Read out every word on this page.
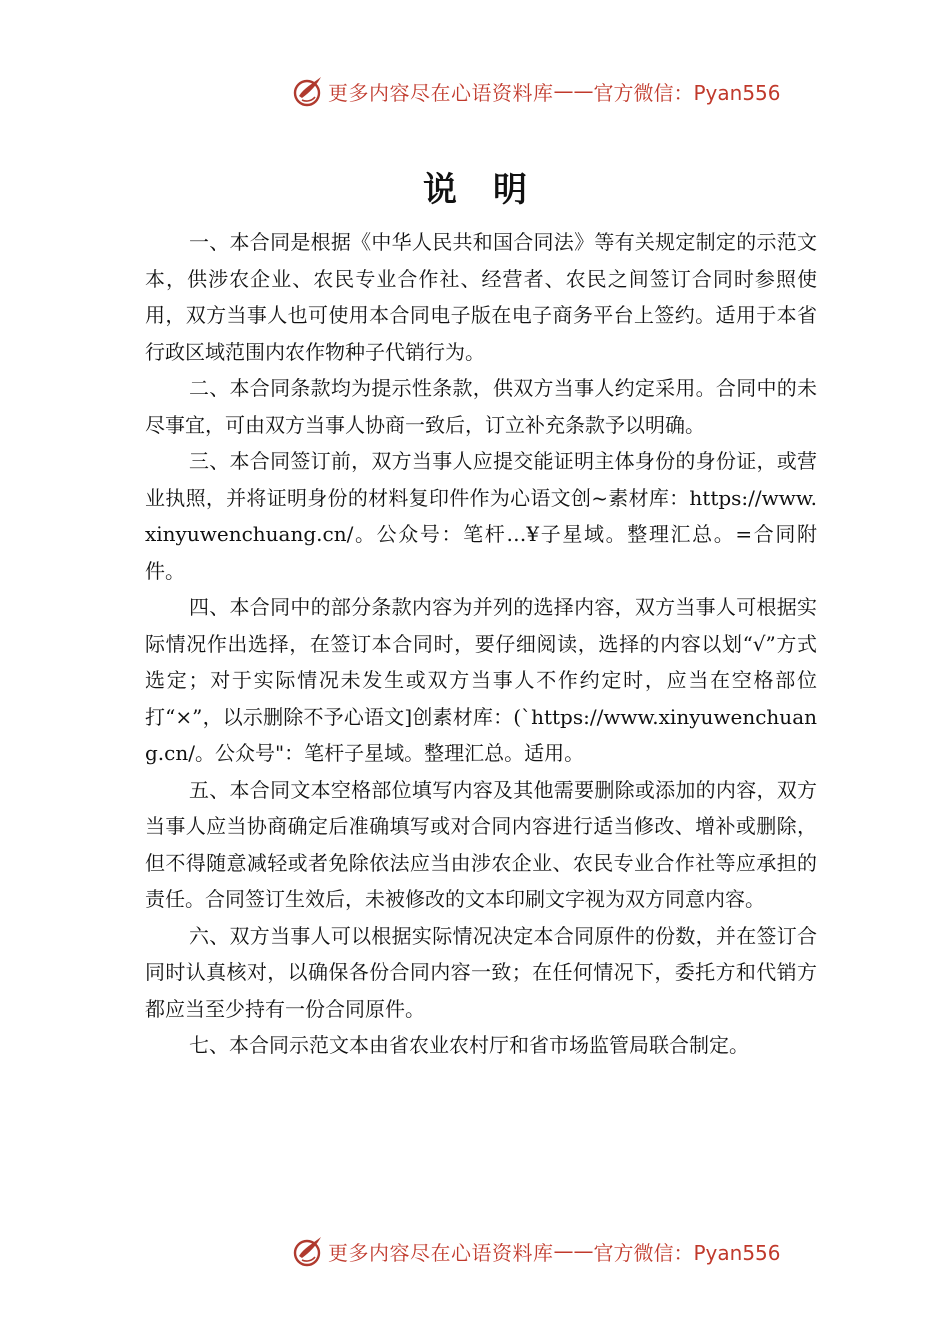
更多内容尽在心语资料库 —— 官方微信：Pyan556
说明

一、本合同是根据《中华人民共和国合同法》等有关规定制定的示范文本，供涉农企业、农民专业合作社、经营者、农民之间签订合同时参照使用，双方当事人也可使用本合同电子版在电子商务平台上签约。适用于本省行政区域范围内农作物种子代销行为。

二、本合同条款均为提示性条款，供双方当事人约定采用。合同中的未尽事宜，可由双方当事人协商一致后，订立补充条款予以明确。

三、本合同签订前，双方当事人应提交能证明主体身份的身份证，或营业执照，并将证明身份的材料复印件作为心语文创~素材库：https://www.xinyuwenchuang.cn/。公众号：笔杆…¥子星域。整理汇总。=合同附件。

四、本合同中的部分条款内容为并列的选择内容，双方当事人可根据实际情况作出选择，在签订本合同时，要仔细阅读，选择的内容以划“√”方式选定；对于实际情况未发生或双方当事人不作约定时，应当在空格部位打“×”，以示删除不予心语文]创素材库：(`https://www.xinyuwenchuang.cn/。公众号"：笔杆子星域。整理汇总。适用。

五、本合同文本空格部位填写内容及其他需要删除或添加的内容，双方当事人应当协商确定后准确填写或对合同内容进行适当修改、增补或删除，但不得随意减轻或者免除依法应当由涉农企业、农民专业合作社等应承担的责任。合同签订生效后，未被修改的文本印刷文字视为双方同意内容。

六、双方当事人可以根据实际情况决定本合同原件的份数，并在签订合同时认真核对，以确保各份合同内容一致；在任何情况下，委托方和代销方都应当至少持有一份合同原件。

七、本合同示范文本由省农业农村厅和省市场监管局联合制定。

更多内容尽在心语资料库 —— 官方微信：Pyan556
